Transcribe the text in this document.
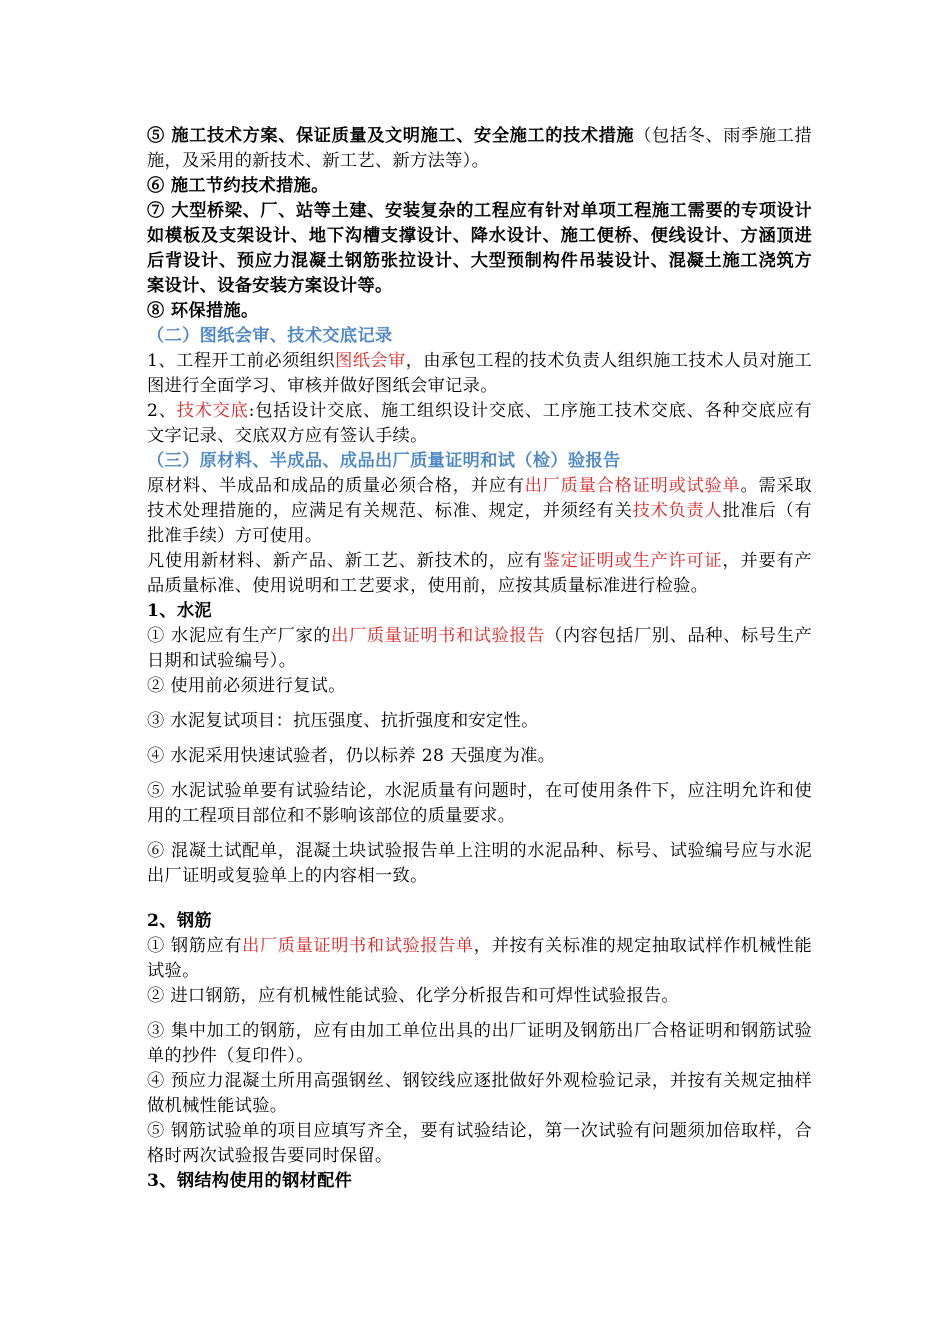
⑤ 施工技术方案、保证质量及文明施工、安全施工的技术措施（包括冬、雨季施工措施，及采用的新技术、新工艺、新方法等）。

⑥ 施工节约技术措施。

⑦ 大型桥梁、厂、站等土建、安装复杂的工程应有针对单项工程施工需要的专项设计如模板及支架设计、地下沟槽支撑设计、降水设计、施工便桥、便线设计、方涵顶进后背设计、预应力混凝土钢筋张拉设计、大型预制构件吊装设计、混凝土施工浇筑方案设计、设备安装方案设计等。

⑧ 环保措施。

（二）图纸会审、技术交底记录

1、工程开工前必须组织图纸会审，由承包工程的技术负责人组织施工技术人员对施工图进行全面学习、审核并做好图纸会审记录。

2、技术交底:包括设计交底、施工组织设计交底、工序施工技术交底、各种交底应有文字记录、交底双方应有签认手续。

（三）原材料、半成品、成品出厂质量证明和试（检）验报告

原材料、半成品和成品的质量必须合格，并应有出厂质量合格证明或试验单。需采取技术处理措施的，应满足有关规范、标准、规定，并须经有关技术负责人批准后（有批准手续）方可使用。

凡使用新材料、新产品、新工艺、新技术的，应有鉴定证明或生产许可证，并要有产品质量标准、使用说明和工艺要求，使用前，应按其质量标准进行检验。

1、水泥

① 水泥应有生产厂家的出厂质量证明书和试验报告（内容包括厂别、品种、标号生产日期和试验编号）。

② 使用前必须进行复试。

③ 水泥复试项目：抗压强度、抗折强度和安定性。

④ 水泥采用快速试验者，仍以标养 28 天强度为准。

⑤ 水泥试验单要有试验结论，水泥质量有问题时，在可使用条件下，应注明允许和使用的工程项目部位和不影响该部位的质量要求。

⑥ 混凝土试配单，混凝土块试验报告单上注明的水泥品种、标号、试验编号应与水泥出厂证明或复验单上的内容相一致。

2、钢筋

① 钢筋应有出厂质量证明书和试验报告单，并按有关标准的规定抽取试样作机械性能试验。

② 进口钢筋，应有机械性能试验、化学分析报告和可焊性试验报告。

③ 集中加工的钢筋，应有由加工单位出具的出厂证明及钢筋出厂合格证明和钢筋试验单的抄件（复印件）。

④ 预应力混凝土所用高强钢丝、钢铰线应逐批做好外观检验记录，并按有关规定抽样做机械性能试验。

⑤ 钢筋试验单的项目应填写齐全，要有试验结论，第一次试验有问题须加倍取样，合格时两次试验报告要同时保留。

3、钢结构使用的钢材配件
